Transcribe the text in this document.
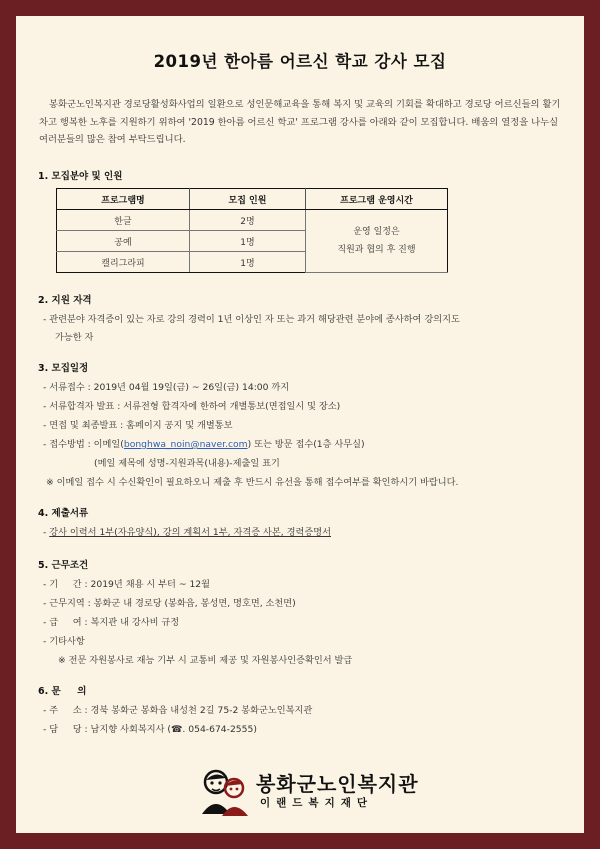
2019년 한아름 어르신 학교 강사 모집
봉화군노인복지관 경로당활성화사업의 일환으로 성인문해교육을 통해 복지 및 교육의 기회를 확대하고 경로당 어르신들의 활기차고 행복한 노후를 지원하기 위하여 '2019 한아름 어르신 학교' 프로그램 강사를 아래와 같이 모집합니다. 배움의 열정을 나누실 여러분들의 많은 참여 부탁드립니다.
1. 모집분야 및 인원
프로그램명	모집 인원	프로그램 운영시간
한글	2명	운영 일정은
직원과 협의 후 진행

공예	1명	
캘리그라피	1명	
2. 지원 자격
- 관련분야 자격증이 있는 자로 강의 경력이 1년 이상인 자 또는 과거 해당관련 분야에 종사하여 강의지도
가능한 자
3. 모집일정
- 서류접수 : 2019년 04월 19일(금) ~ 26일(금) 14:00 까지
- 서류합격자 발표 : 서류전형 합격자에 한하여 개별통보(면접일시 및 장소)
- 면접 및 최종발표 : 홈페이지 공지 및 개별통보
- 접수방법 : 이메일(bonghwa_noin@naver.com) 또는 방문 접수(1층 사무실)
(메일 제목에 성명-지원과목(내용)-제출일 표기
※ 이메일 접수 시 수신확인이 필요하오니 제출 후 반드시 유선을 통해 접수여부를 확인하시기 바랍니다.
4. 제출서류
- 강사 이력서 1부(자유양식), 강의 계획서 1부, 자격증 사본, 경력증명서
5. 근무조건
- 기     간 : 2019년 채용 시 부터 ~ 12월
- 근무지역 : 봉화군 내 경로당 (봉화읍, 봉성면, 명호면, 소천면)
- 급     여 : 복지관 내 강사비 규정
- 기타사항
※ 전문 자원봉사로 재능 기부 시 교통비 제공 및 자원봉사인증확인서 발급
6. 문     의
- 주     소 : 경북 봉화군 봉화읍 내성천 2길 75-2 봉화군노인복지관
- 담     당 : 남지향 사회복지사 (☎. 054-674-2555)
봉화군노인복지관
이랜드복지재단
